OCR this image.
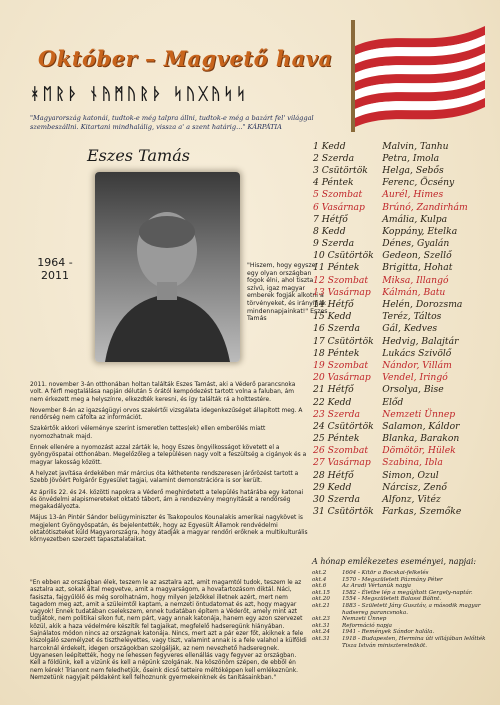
Október – Magvető hava
ᚼᛖᚱᚦ ᚾᚤᛗᚢᚱᚦ ᛋᚢᚷᚤᛋᛋ
"Magyarország katonái, tudtok-e még talpra állni, tudtok-e még a bazárt fel' világgal szembeszállni. Kitartani mindhalálig, vissza a' a szent határig..." KÁRPÁTIA
Eszes Tamás
1964 - 2011
"Hiszem, hogy egyszer egy olyan országban fogok élni, ahol tiszta szívű, igaz magyar emberek fogják alkotni a törvényeket, és irányítják mindennapjainkat!" Eszes Tamás

2011. november 3-án otthonában holtan találták Eszes Tamást, aki a Véderő parancsnoka volt. A férfi megtalálása napján délután 5 órától kempódezést tartott volna a faluban, ám nem érkezett meg a helyszínre, elkezdték keresni, és így találták rá a holttestére.

November 8-án az igazságügyi orvos szakértői vizsgálata idegenkezűséget állapított meg. A rendőrség nem cáfolta az információt.

Szakértők akkori véleménye szerint ismeretlen tettes(ek) ellen emberölés miatt nyomozhatnak majd.

Ennek ellenére a nyomozást azzal zárták le, hogy Eszes öngyilkosságot követett el a gyöngyöspatai otthonában. Megelőzőleg a településen nagy volt a feszültség a cigányok és a magyar lakosság között.

A helyzet javítása érdekében már március óta kéthetente rendszeresen járőrözést tartott a Szebb Jövőért Polgárőr Egyesület tagjai, valamint demonstrációra is sor került.

Az április 22. és 24. közötti napokra a Véderő meghirdetett a település határába egy katonai és önvédelmi alapismereteket oktató tábort, ám a rendezvény megnyitását a rendőrség megakadályozta.

Május 13-án Pintér Sándor belügyminiszter és Tsakopoulos Kounalakis amerikai nagykövet is megjelent Gyöngyöspatán, és bejelentették, hogy az Egyesült Államok rendvédelmi oktatótiszteket küld Magyarországra, hogy átadják a magyar rendőri erőknek a multikulturális környezetben szerzett tapasztalataikat.

"En ebben az országban élek, teszem le az asztalra azt, amit magamtól tudok, teszem le az asztalra azt, sokak által megvetve, amit a magyarságom, a hovatartozásom diktál. Náci, fasiszta, fajgyűlölő és még sorolhatnám, hogy milyen jelzőkkel illetnek azért, mert nem tagadom meg azt, amit a szüleimtől kaptam, a nemzeti öntudatomat és azt, hogy magyar vagyok! Ennek tudatában cselekszem, ennek tudatában építem a Véderőt, amely mint azt tudjátok, nem politikai síkon fut, nem párt, vagy annak katonája, hanem egy azon szervezet közül, akik a haza védelmére készítik fel tagjaikat, megfelelő hadseregünk hiányában. Sajnálatos módon nincs az országnak katonája. Nincs, mert azt a pár ezer főt, akiknek a fele kiszolgáló személyzet és tisztheleyettes, vagy tiszt, valamint annak is a fele valahol a külföldi harcoknál érdekelt, idegen országokban szolgálják, az nem nevezhető hadseregnek. Ugyanesen leépítették, hogy ne lehessen fegyveres ellenállás vagy fegyver az országban. Kell a földünk, kell a vizünk és kell a népünk szolgának. Na köszönöm szépen, de ebből én nem kérek! Trianont nem feledhetjük, őseink dicső tetteire méltóképpen kell emlékeznünk. Nemzetünk nagyjait példaként kell felhoznunk gyermekeinknek és tanításainkban."
1 Kedd	Malvin, Tanhu
2 Szerda	Petra, Imola
3 Csütörtök	Helga, Sebős
4 Péntek	Ferenc, Öcsény
5 Szombat	Aurél, Himes
6 Vasárnap	Brúnó, Zandirhám
7 Hétfő	Amália, Kulpa
8 Kedd	Koppány, Etelka
9 Szerda	Dénes, Gyalán
10 Csütörtök Gedeon, Szellő
11 Péntek	Brigitta, Hohat
12 Szombat	Miksa, Illangó
13 Vasárnap	Kálmán, Batu
14 Hétfő	Helén, Dorozsma
15 Kedd	Teréz, Táltos
16 Szerda	Gál, Kedves
17 Csütörtök Hedvig, Balajtár
18 Péntek	Lukács Szivölő
19 Szombat	Nándor, Villám
20 Vasárnap	Vendel, Iringó
21 Hétfő	Orsolya, Bise
22 Kedd	Előd
23 Szerda	Nemzeti Ünnep
24 Csütörtök Salamon, Káldor
25 Péntek	Blanka, Barakon
26 Szombat	Dömötör, Hülek
27 Vasárnap	Szabina, Ibla
28 Hétfő	Simon, Ozul
29 Kedd	Nárcisz, Zenő
30 Szerda	Alfonz, Vitéz
31 Csütörtök Farkas, Szemőke
A hónap emlékezetes eseményei, napjai:
okt.2	1604 - Kitör a Bocskai-felkelés
okt.4	1570 - Megszületett Pázmány Péter
okt.6	Az Aradi Vértanúk napja
okt.15	1582 - Életbe lép a megújított Gergely-naptár.
okt.20	1554 - Megszületett Balassi Bálint.
okt.21	1883 - Született Jány Gusztáv, a második magyar hadsereg parancsnoka.
okt.23	Nemzeti Ünnep
okt.31	Reformáció napja
okt.24	1941 - Remények Sándor halála.
okt.31	1918 - Budapesten, Hermina úti villájában lelőtték Tisza István miniszterelnököt.
